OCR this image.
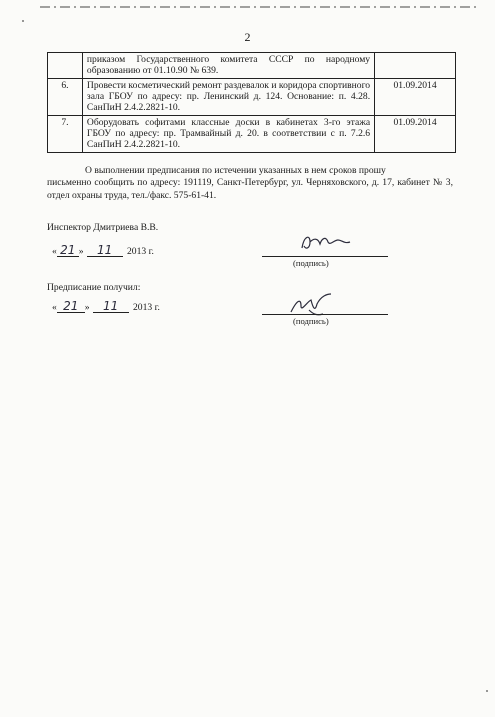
2
	приказом Государственного комитета СССР по народному образованию от 01.10.90 № 639.	
6.	Провести косметический ремонт раздевалок и коридора спортивного зала ГБОУ по адресу: пр. Ленинский д. 124. Основание: п. 4.28. СанПиН 2.4.2.2821-10.	01.09.2014
7.	Оборудовать софитами классные доски в кабинетах 3-го этажа ГБОУ по адресу: пр. Трамвайный д. 20. в соответствии с п. 7.2.6 СанПиН 2.4.2.2821-10.	01.09.2014
О выполнении предписания по истечении указанных в нем сроков прошу
письменно сообщить по адресу: 191119, Санкт-Петербург, ул. Черняховского, д. 17, кабинет № 3, отдел охраны труда, тел./факс. 575-61-41.
Инспектор Дмитриева В.В.
« 21 » 11 2013 г.
(подпись)
Предписание получил:
« 21 » 11 2013 г.
(подпись)
